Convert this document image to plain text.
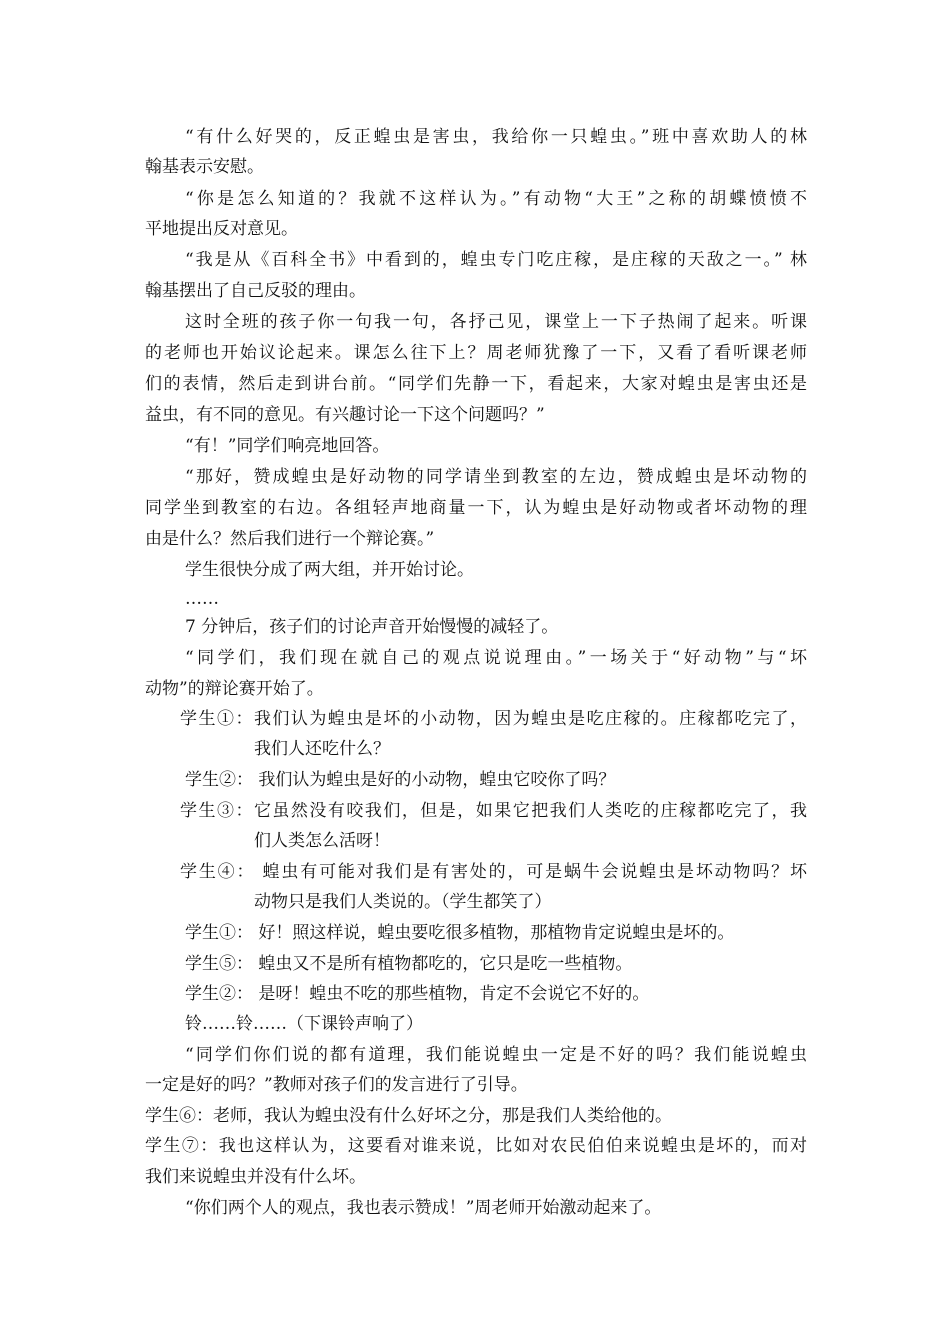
“有什么好哭的，反正蝗虫是害虫，我给你一只蝗虫。”班中喜欢助人的林

翰基表示安慰。

“你是怎么知道的？我就不这样认为。”有动物“大王”之称的胡蝶愤愤不

平地提出反对意见。

“我是从《百科全书》中看到的，蝗虫专门吃庄稼，是庄稼的天敌之一。” 林

翰基摆出了自己反驳的理由。

这时全班的孩子你一句我一句，各抒己见，课堂上一下子热闹了起来。听课

的老师也开始议论起来。课怎么往下上？周老师犹豫了一下，又看了看听课老师

们的表情，然后走到讲台前。“同学们先静一下，看起来，大家对蝗虫是害虫还是

益虫，有不同的意见。有兴趣讨论一下这个问题吗？”

“有！”同学们响亮地回答。

“那好，赞成蝗虫是好动物的同学请坐到教室的左边，赞成蝗虫是坏动物的

同学坐到教室的右边。各组轻声地商量一下，认为蝗虫是好动物或者坏动物的理

由是什么？然后我们进行一个辩论赛。”

学生很快分成了两大组，并开始讨论。

……

7 分钟后，孩子们的讨论声音开始慢慢的减轻了。

“同学们，我们现在就自己的观点说说理由。”一场关于“好动物”与“坏

动物”的辩论赛开始了。

学生①：我们认为蝗虫是坏的小动物，因为蝗虫是吃庄稼的。庄稼都吃完了，

我们人还吃什么？

学生②： 我们认为蝗虫是好的小动物，蝗虫它咬你了吗？

学生③：它虽然没有咬我们，但是，如果它把我们人类吃的庄稼都吃完了，我

们人类怎么活呀！

学生④： 蝗虫有可能对我们是有害处的，可是蜗牛会说蝗虫是坏动物吗？坏

动物只是我们人类说的。（学生都笑了）

学生①： 好！照这样说，蝗虫要吃很多植物，那植物肯定说蝗虫是坏的。

学生⑤： 蝗虫又不是所有植物都吃的，它只是吃一些植物。

学生②： 是呀！蝗虫不吃的那些植物，肯定不会说它不好的。

铃……铃……（下课铃声响了）

“同学们你们说的都有道理，我们能说蝗虫一定是不好的吗？我们能说蝗虫

一定是好的吗？”教师对孩子们的发言进行了引导。

学生⑥：老师，我认为蝗虫没有什么好坏之分，那是我们人类给他的。

学生⑦：我也这样认为，这要看对谁来说，比如对农民伯伯来说蝗虫是坏的，而对

我们来说蝗虫并没有什么坏。

“你们两个人的观点，我也表示赞成！”周老师开始激动起来了。
